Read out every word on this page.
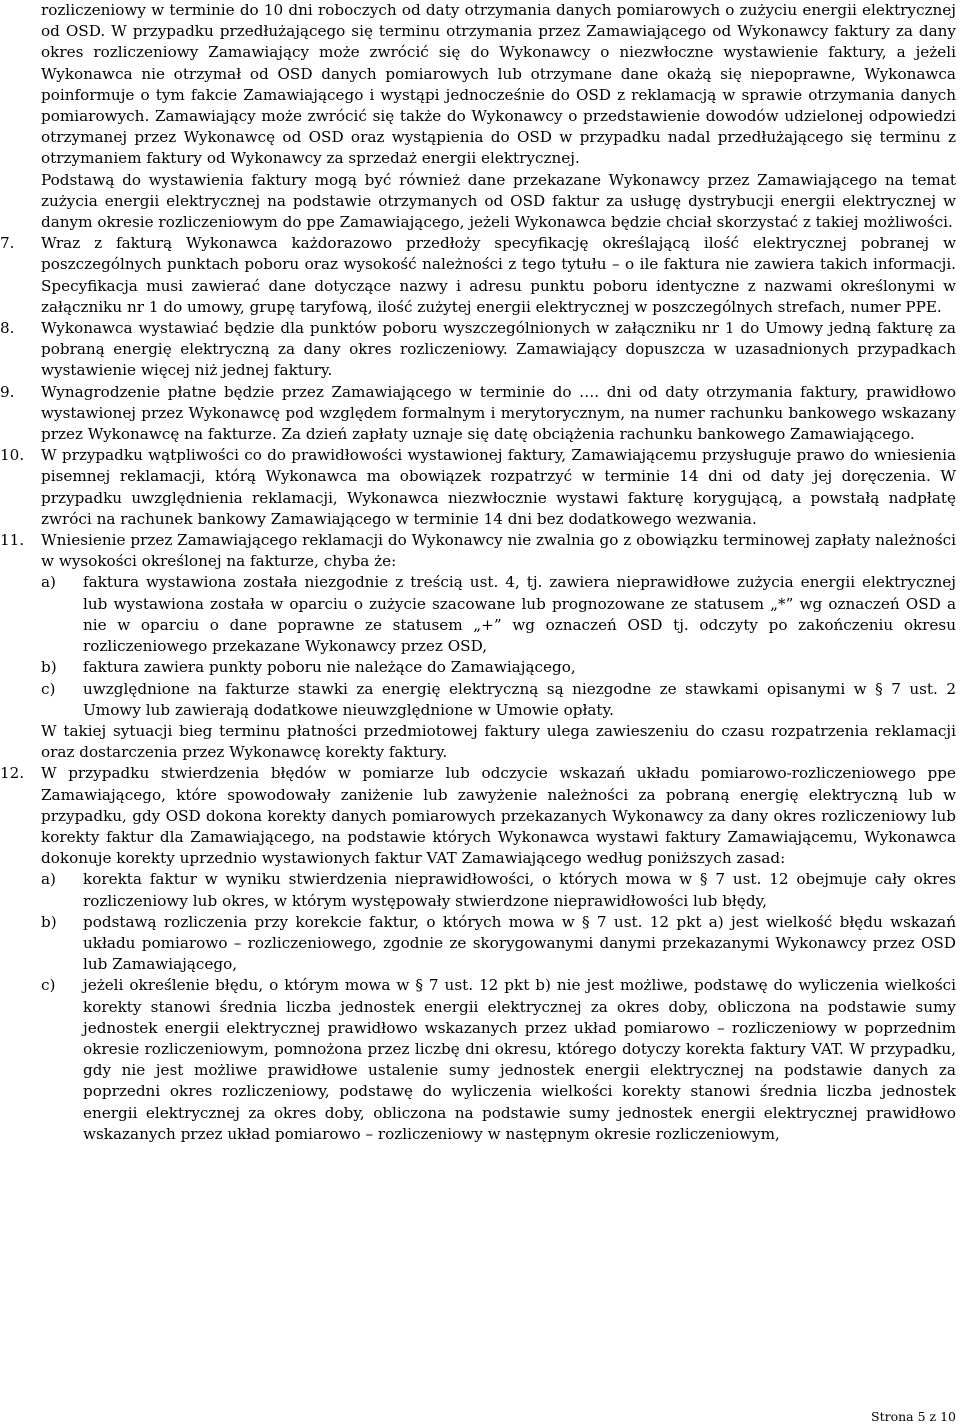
rozliczeniowy w terminie do 10 dni roboczych od daty otrzymania danych pomiarowych o zużyciu energii elektrycznej od OSD. W przypadku przedłużającego się terminu otrzymania przez Zamawiającego od Wykonawcy faktury za dany okres rozliczeniowy Zamawiający może zwrócić się do Wykonawcy o niezwłoczne wystawienie faktury, a jeżeli Wykonawca nie otrzymał od OSD danych pomiarowych lub otrzymane dane okażą się niepoprawne, Wykonawca poinformuje o tym fakcie Zamawiającego i wystąpi jednocześnie do OSD z reklamacją w sprawie otrzymania danych pomiarowych. Zamawiający może zwrócić się także do Wykonawcy o przedstawienie dowodów udzielonej odpowiedzi otrzymanej przez Wykonawcę od OSD oraz wystąpienia do OSD w przypadku nadal przedłużającego się terminu z otrzymaniem faktury od Wykonawcy za sprzedaż energii elektrycznej.

Podstawą do wystawienia faktury mogą być również dane przekazane Wykonawcy przez Zamawiającego na temat zużycia energii elektrycznej na podstawie otrzymanych od OSD faktur za usługę dystrybucji energii elektrycznej w danym okresie rozliczeniowym do ppe Zamawiającego, jeżeli Wykonawca będzie chciał skorzystać z takiej możliwości.

7. Wraz z fakturą Wykonawca każdorazowo przedłoży specyfikację określającą ilość elektrycznej pobranej w poszczególnych punktach poboru oraz wysokość należności z tego tytułu – o ile faktura nie zawiera takich informacji. Specyfikacja musi zawierać dane dotyczące nazwy i adresu punktu poboru identyczne z nazwami określonymi w załączniku nr 1 do umowy, grupę taryfową, ilość zużytej energii elektrycznej w poszczególnych strefach, numer PPE.
8. Wykonawca wystawiać będzie dla punktów poboru wyszczególnionych w załączniku nr 1 do Umowy jedną fakturę za pobraną energię elektryczną za dany okres rozliczeniowy. Zamawiający dopuszcza w uzasadnionych przypadkach wystawienie więcej niż jednej faktury.
9. Wynagrodzenie płatne będzie przez Zamawiającego w terminie do …. dni od daty otrzymania faktury, prawidłowo wystawionej przez Wykonawcę pod względem formalnym i merytorycznym, na numer rachunku bankowego wskazany przez Wykonawcę na fakturze. Za dzień zapłaty uznaje się datę obciążenia rachunku bankowego Zamawiającego.
10. W przypadku wątpliwości co do prawidłowości wystawionej faktury, Zamawiającemu przysługuje prawo do wniesienia pisemnej reklamacji, którą Wykonawca ma obowiązek rozpatrzyć w terminie 14 dni od daty jej doręczenia. W przypadku uwzględnienia reklamacji, Wykonawca niezwłocznie wystawi fakturę korygującą, a powstałą nadpłatę zwróci na rachunek bankowy Zamawiającego w terminie 14 dni bez dodatkowego wezwania.
11. Wniesienie przez Zamawiającego reklamacji do Wykonawcy nie zwalnia go z obowiązku terminowej zapłaty należności w wysokości określonej na fakturze, chyba że:
a) faktura wystawiona została niezgodnie z treścią ust. 4, tj. zawiera nieprawidłowe zużycia energii elektrycznej lub wystawiona została w oparciu o zużycie szacowane lub prognozowane ze statusem „*” wg oznaczeń OSD a nie w oparciu o dane poprawne ze statusem „+” wg oznaczeń OSD tj. odczyty po zakończeniu okresu rozliczeniowego przekazane Wykonawcy przez OSD,
b) faktura zawiera punkty poboru nie należące do Zamawiającego,
c) uwzględnione na fakturze stawki za energię elektryczną są niezgodne ze stawkami opisanymi w § 7 ust. 2 Umowy lub zawierają dodatkowe nieuwzględnione w Umowie opłaty.
W takiej sytuacji bieg terminu płatności przedmiotowej faktury ulega zawieszeniu do czasu rozpatrzenia reklamacji oraz dostarczenia przez Wykonawcę korekty faktury.
12. W przypadku stwierdzenia błędów w pomiarze lub odczycie wskazań układu pomiarowo-rozliczeniowego ppe Zamawiającego, które spowodowały zaniżenie lub zawyżenie należności za pobraną energię elektryczną lub w przypadku, gdy OSD dokona korekty danych pomiarowych przekazanych Wykonawcy za dany okres rozliczeniowy lub korekty faktur dla Zamawiającego, na podstawie których Wykonawca wystawi faktury Zamawiającemu, Wykonawca dokonuje korekty uprzednio wystawionych faktur VAT Zamawiającego według poniższych zasad:
a) korekta faktur w wyniku stwierdzenia nieprawidłowości, o których mowa w § 7 ust. 12 obejmuje cały okres rozliczeniowy lub okres, w którym występowały stwierdzone nieprawidłowości lub błędy,
b) podstawą rozliczenia przy korekcie faktur, o których mowa w § 7 ust. 12 pkt a) jest wielkość błędu wskazań układu pomiarowo – rozliczeniowego, zgodnie ze skorygowanymi danymi przekazanymi Wykonawcy przez OSD lub Zamawiającego,
c) jeżeli określenie błędu, o którym mowa w § 7 ust. 12 pkt b) nie jest możliwe, podstawę do wyliczenia wielkości korekty stanowi średnia liczba jednostek energii elektrycznej za okres doby, obliczona na podstawie sumy jednostek energii elektrycznej prawidłowo wskazanych przez układ pomiarowo – rozliczeniowy w poprzednim okresie rozliczeniowym, pomnożona przez liczbę dni okresu, którego dotyczy korekta faktury VAT. W przypadku, gdy nie jest możliwe prawidłowe ustalenie sumy jednostek energii elektrycznej na podstawie danych za poprzedni okres rozliczeniowy, podstawę do wyliczenia wielkości korekty stanowi średnia liczba jednostek energii elektrycznej za okres doby, obliczona na podstawie sumy jednostek energii elektrycznej prawidłowo wskazanych przez układ pomiarowo – rozliczeniowy w następnym okresie rozliczeniowym,
Strona 5 z 10
